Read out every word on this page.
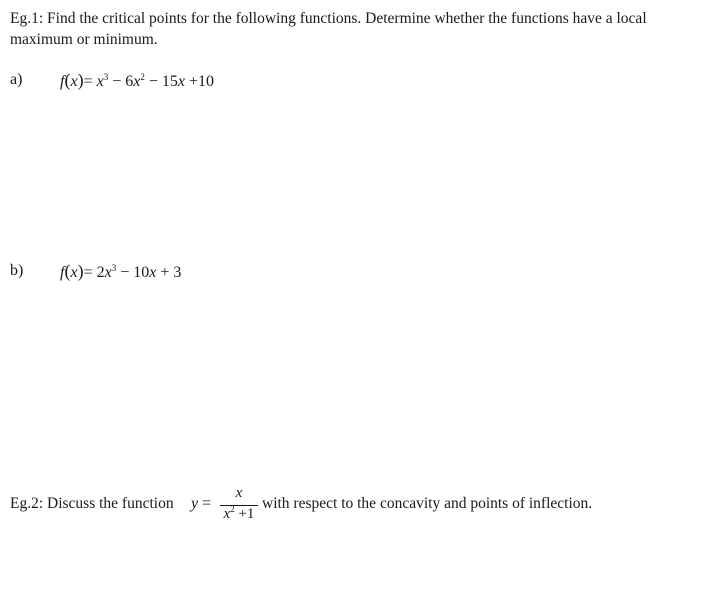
Eg.1: Find the critical points for the following functions. Determine whether the functions have a local
maximum or minimum.
a) $f(x)= x^3 - 6x^2 - 15x +10$
b) $f(x)= 2x^3 - 10x + 3$
Eg.2: Discuss the function y =
x
$x^2 +1$
with respect to the concavity and points of inflection.
